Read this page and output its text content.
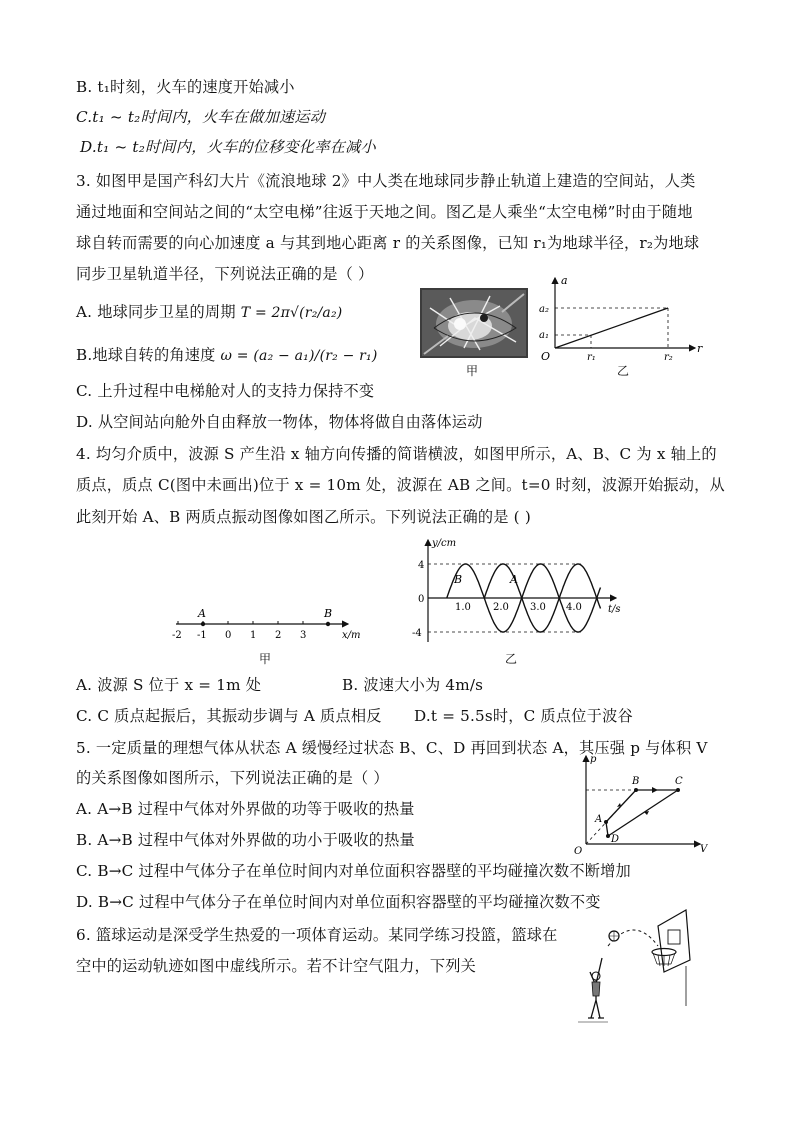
B. t₁时刻，火车的速度开始减小
C.t₁ ~ t₂时间内，火车在做加速运动
D.t₁ ~ t₂时间内，火车的位移变化率在减小
3. 如图甲是国产科幻大片《流浪地球 2》中人类在地球同步静止轨道上建造的空间站，人类
通过地面和空间站之间的“太空电梯”往返于天地之间。图乙是人乘坐“太空电梯”时由于随地
球自转而需要的向心加速度 a 与其到地心距离 r 的关系图像，已知 r₁为地球半径，r₂为地球
同步卫星轨道半径，下列说法正确的是（ ）
A. 地球同步卫星的周期 T = 2π√(r₂/a₂)
B.地球自转的角速度 ω = (a₂ − a₁)/(r₂ − r₁)
C. 上升过程中电梯舱对人的支持力保持不变
D. 从空间站向舱外自由释放一物体，物体将做自由落体运动
甲
a
r
O
a₂
a₁
r₁	r₂
乙
4. 均匀介质中，波源 S 产生沿 x 轴方向传播的简谐横波，如图甲所示，A、B、C 为 x 轴上的
质点，质点 C(图中未画出)位于 x = 10m 处，波源在 AB 之间。t=0 时刻，波源开始振动，从
此刻开始 A、B 两质点振动图像如图乙所示。下列说法正确的是 ( )
-2 -1 0 1 2 3
A	B
x/m
甲
y/cm
t/s
4
-4
0
1.0 2.0 3.0 4.0
B	A
乙
A. 波源 S 位于 x = 1m 处	B. 波速大小为 4m/s
C. C 质点起振后，其振动步调与 A 质点相反 D.t = 5.5s时，C 质点位于波谷
5. 一定质量的理想气体从状态 A 缓慢经过状态 B、C、D 再回到状态 A，其压强 p 与体积 V
的关系图像如图所示，下列说法正确的是（ ）
A. A→B 过程中气体对外界做的功等于吸收的热量
B. A→B 过程中气体对外界做的功小于吸收的热量
C. B→C 过程中气体分子在单位时间内对单位面积容器壁的平均碰撞次数不断增加
D. B→C 过程中气体分子在单位时间内对单位面积容器壁的平均碰撞次数不变
p
V
O
A
B	C
D
6. 篮球运动是深受学生热爱的一项体育运动。某同学练习投篮，篮球在
空中的运动轨迹如图中虚线所示。若不计空气阻力，下列关
